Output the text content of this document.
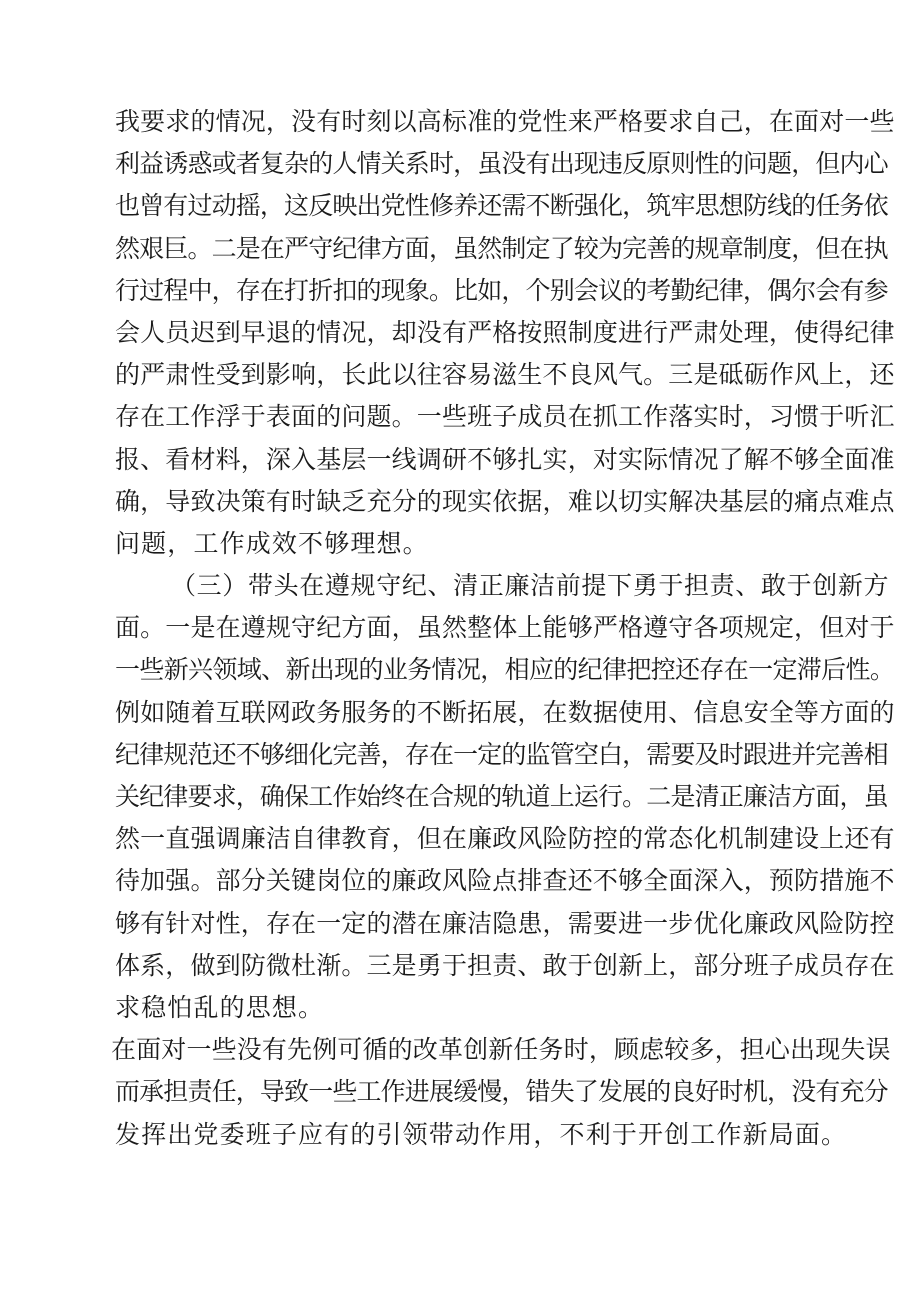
我要求的情况，没有时刻以高标准的党性来严格要求自己，在面对一些
利益诱惑或者复杂的人情关系时，虽没有出现违反原则性的问题，但内心
也曾有过动摇，这反映出党性修养还需不断强化，筑牢思想防线的任务依
然艰巨。二是在严守纪律方面，虽然制定了较为完善的规章制度，但在执
行过程中，存在打折扣的现象。比如，个别会议的考勤纪律，偶尔会有参
会人员迟到早退的情况，却没有严格按照制度进行严肃处理，使得纪律
的严肃性受到影响，长此以往容易滋生不良风气。三是砥砺作风上，还
存在工作浮于表面的问题。一些班子成员在抓工作落实时，习惯于听汇
报、看材料，深入基层一线调研不够扎实，对实际情况了解不够全面准
确，导致决策有时缺乏充分的现实依据，难以切实解决基层的痛点难点
问题，工作成效不够理想。
（三）带头在遵规守纪、清正廉洁前提下勇于担责、敢于创新方
面。一是在遵规守纪方面，虽然整体上能够严格遵守各项规定，但对于
一些新兴领域、新出现的业务情况，相应的纪律把控还存在一定滞后性。
例如随着互联网政务服务的不断拓展，在数据使用、信息安全等方面的
纪律规范还不够细化完善，存在一定的监管空白，需要及时跟进并完善相
关纪律要求，确保工作始终在合规的轨道上运行。二是清正廉洁方面，虽
然一直强调廉洁自律教育，但在廉政风险防控的常态化机制建设上还有
待加强。部分关键岗位的廉政风险点排查还不够全面深入，预防措施不
够有针对性，存在一定的潜在廉洁隐患，需要进一步优化廉政风险防控
体系，做到防微杜渐。三是勇于担责、敢于创新上，部分班子成员存在
求稳怕乱的思想。
在面对一些没有先例可循的改革创新任务时，顾虑较多，担心出现失误
而承担责任，导致一些工作进展缓慢，错失了发展的良好时机，没有充分
发挥出党委班子应有的引领带动作用，不利于开创工作新局面。
